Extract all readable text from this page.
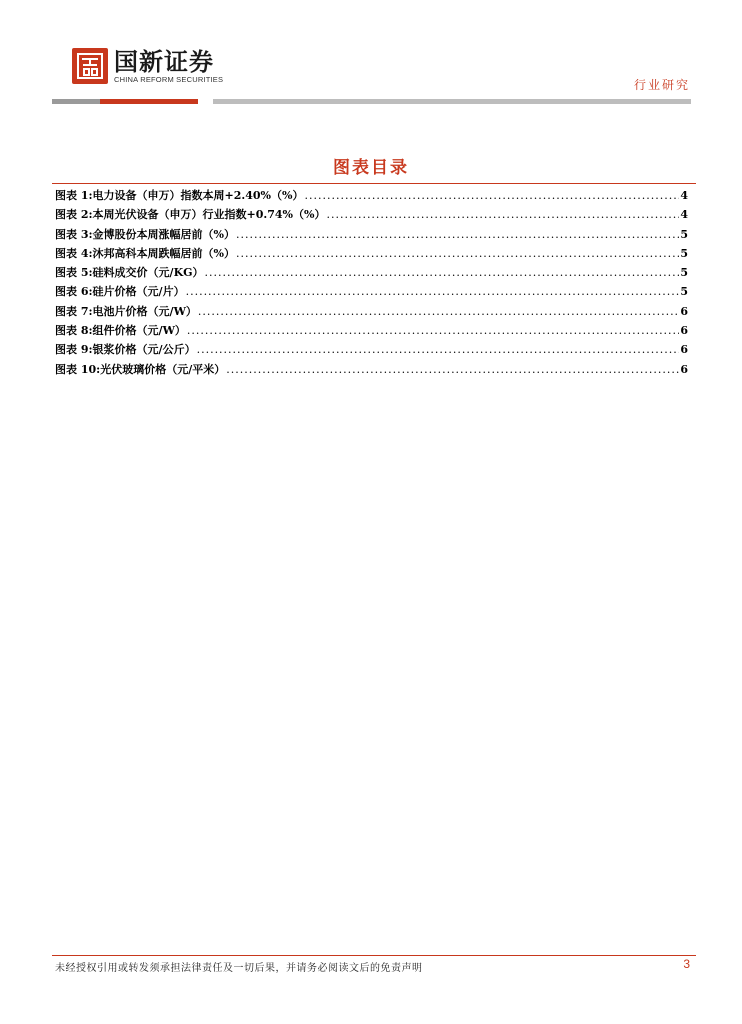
国新证券
CHINA REFORM SECURITIES	行业研究
图表目录
图表 1: 电力设备（申万）指数本周+2.40%（%） .....	4
图表 2: 本周光伏设备（申万）行业指数+0.74%（%） .....	4
图表 3: 金博股份本周涨幅居前（%） .....	5
图表 4: 沐邦高科本周跌幅居前（%） .....	5
图表 5: 硅料成交价（元/KG） .....	5
图表 6: 硅片价格（元/片） .....	5
图表 7: 电池片价格（元/W） .....	6
图表 8: 组件价格（元/W） .....	6
图表 9: 银浆价格（元/公斤） .....	6
图表 10: 光伏玻璃价格（元/平米） .....	6
未经授权引用或转发须承担法律责任及一切后果，并请务必阅读文后的免责声明	3
